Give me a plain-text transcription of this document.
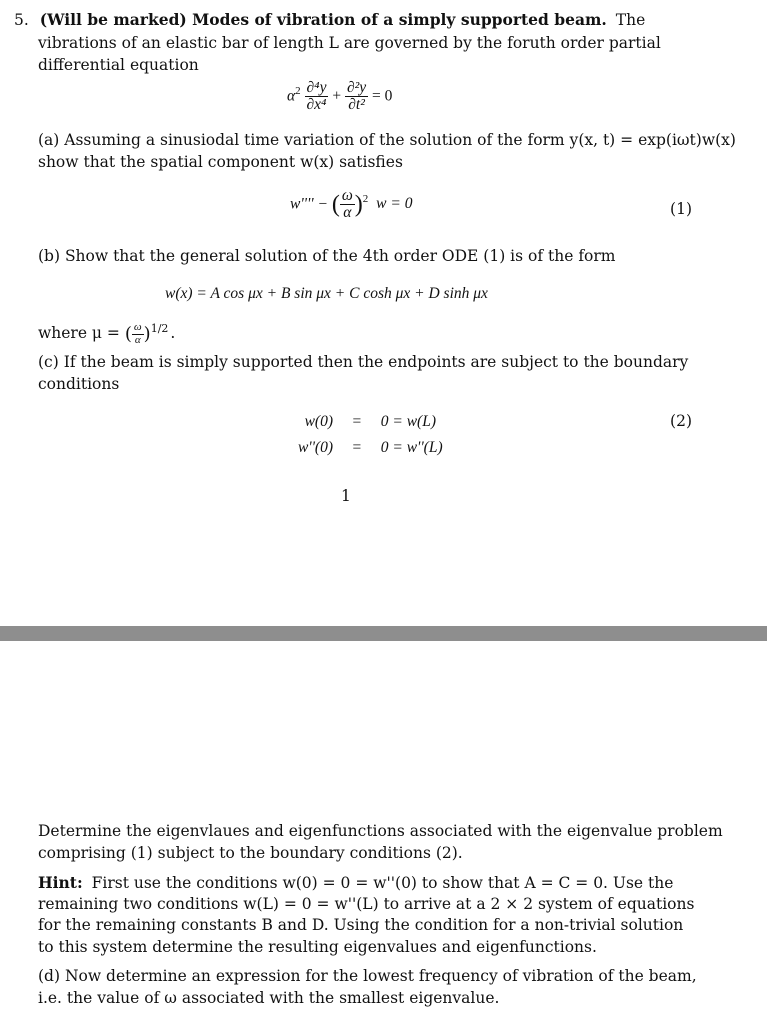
5. (Will be marked) Modes of vibration of a simply supported beam. The
vibrations of an elastic bar of length L are governed by the foruth order partial
differential equation
$\alpha^2 \frac{\text{∂⁴y}}{\text{∂x⁴}} + \frac{\text{∂²y}}{\text{∂t²}} = 0$
(a) Assuming a sinusiodal time variation of the solution of the form y(x, t) = exp(iωt)w(x)
show that the spatial component w(x) satisfies
w'''' − ( $\frac{\omega}{\alpha} )^2$ w = 0	(1)
(b) Show that the general solution of the 4th order ODE (1) is of the form
w(x) = A cos μx + B sin μx + C cosh μx + D sinh μx
where μ = ( $\frac{\omega}{\alpha} )^{1/2}$ .
(c) If the beam is simply supported then the endpoints are subject to the boundary
conditions
w(0) = 0 = w(L)
w''(0) = 0 = w''(L)
(2)
1
Determine the eigenvlaues and eigenfunctions associated with the eigenvalue problem
comprising (1) subject to the boundary conditions (2).
Hint: First use the conditions w(0) = 0 = w''(0) to show that A = C = 0. Use the
remaining two conditions w(L) = 0 = w''(L) to arrive at a 2 × 2 system of equations
for the remaining constants B and D. Using the condition for a non-trivial solution
to this system determine the resulting eigenvalues and eigenfunctions.
(d) Now determine an expression for the lowest frequency of vibration of the beam,
i.e. the value of ω associated with the smallest eigenvalue.
